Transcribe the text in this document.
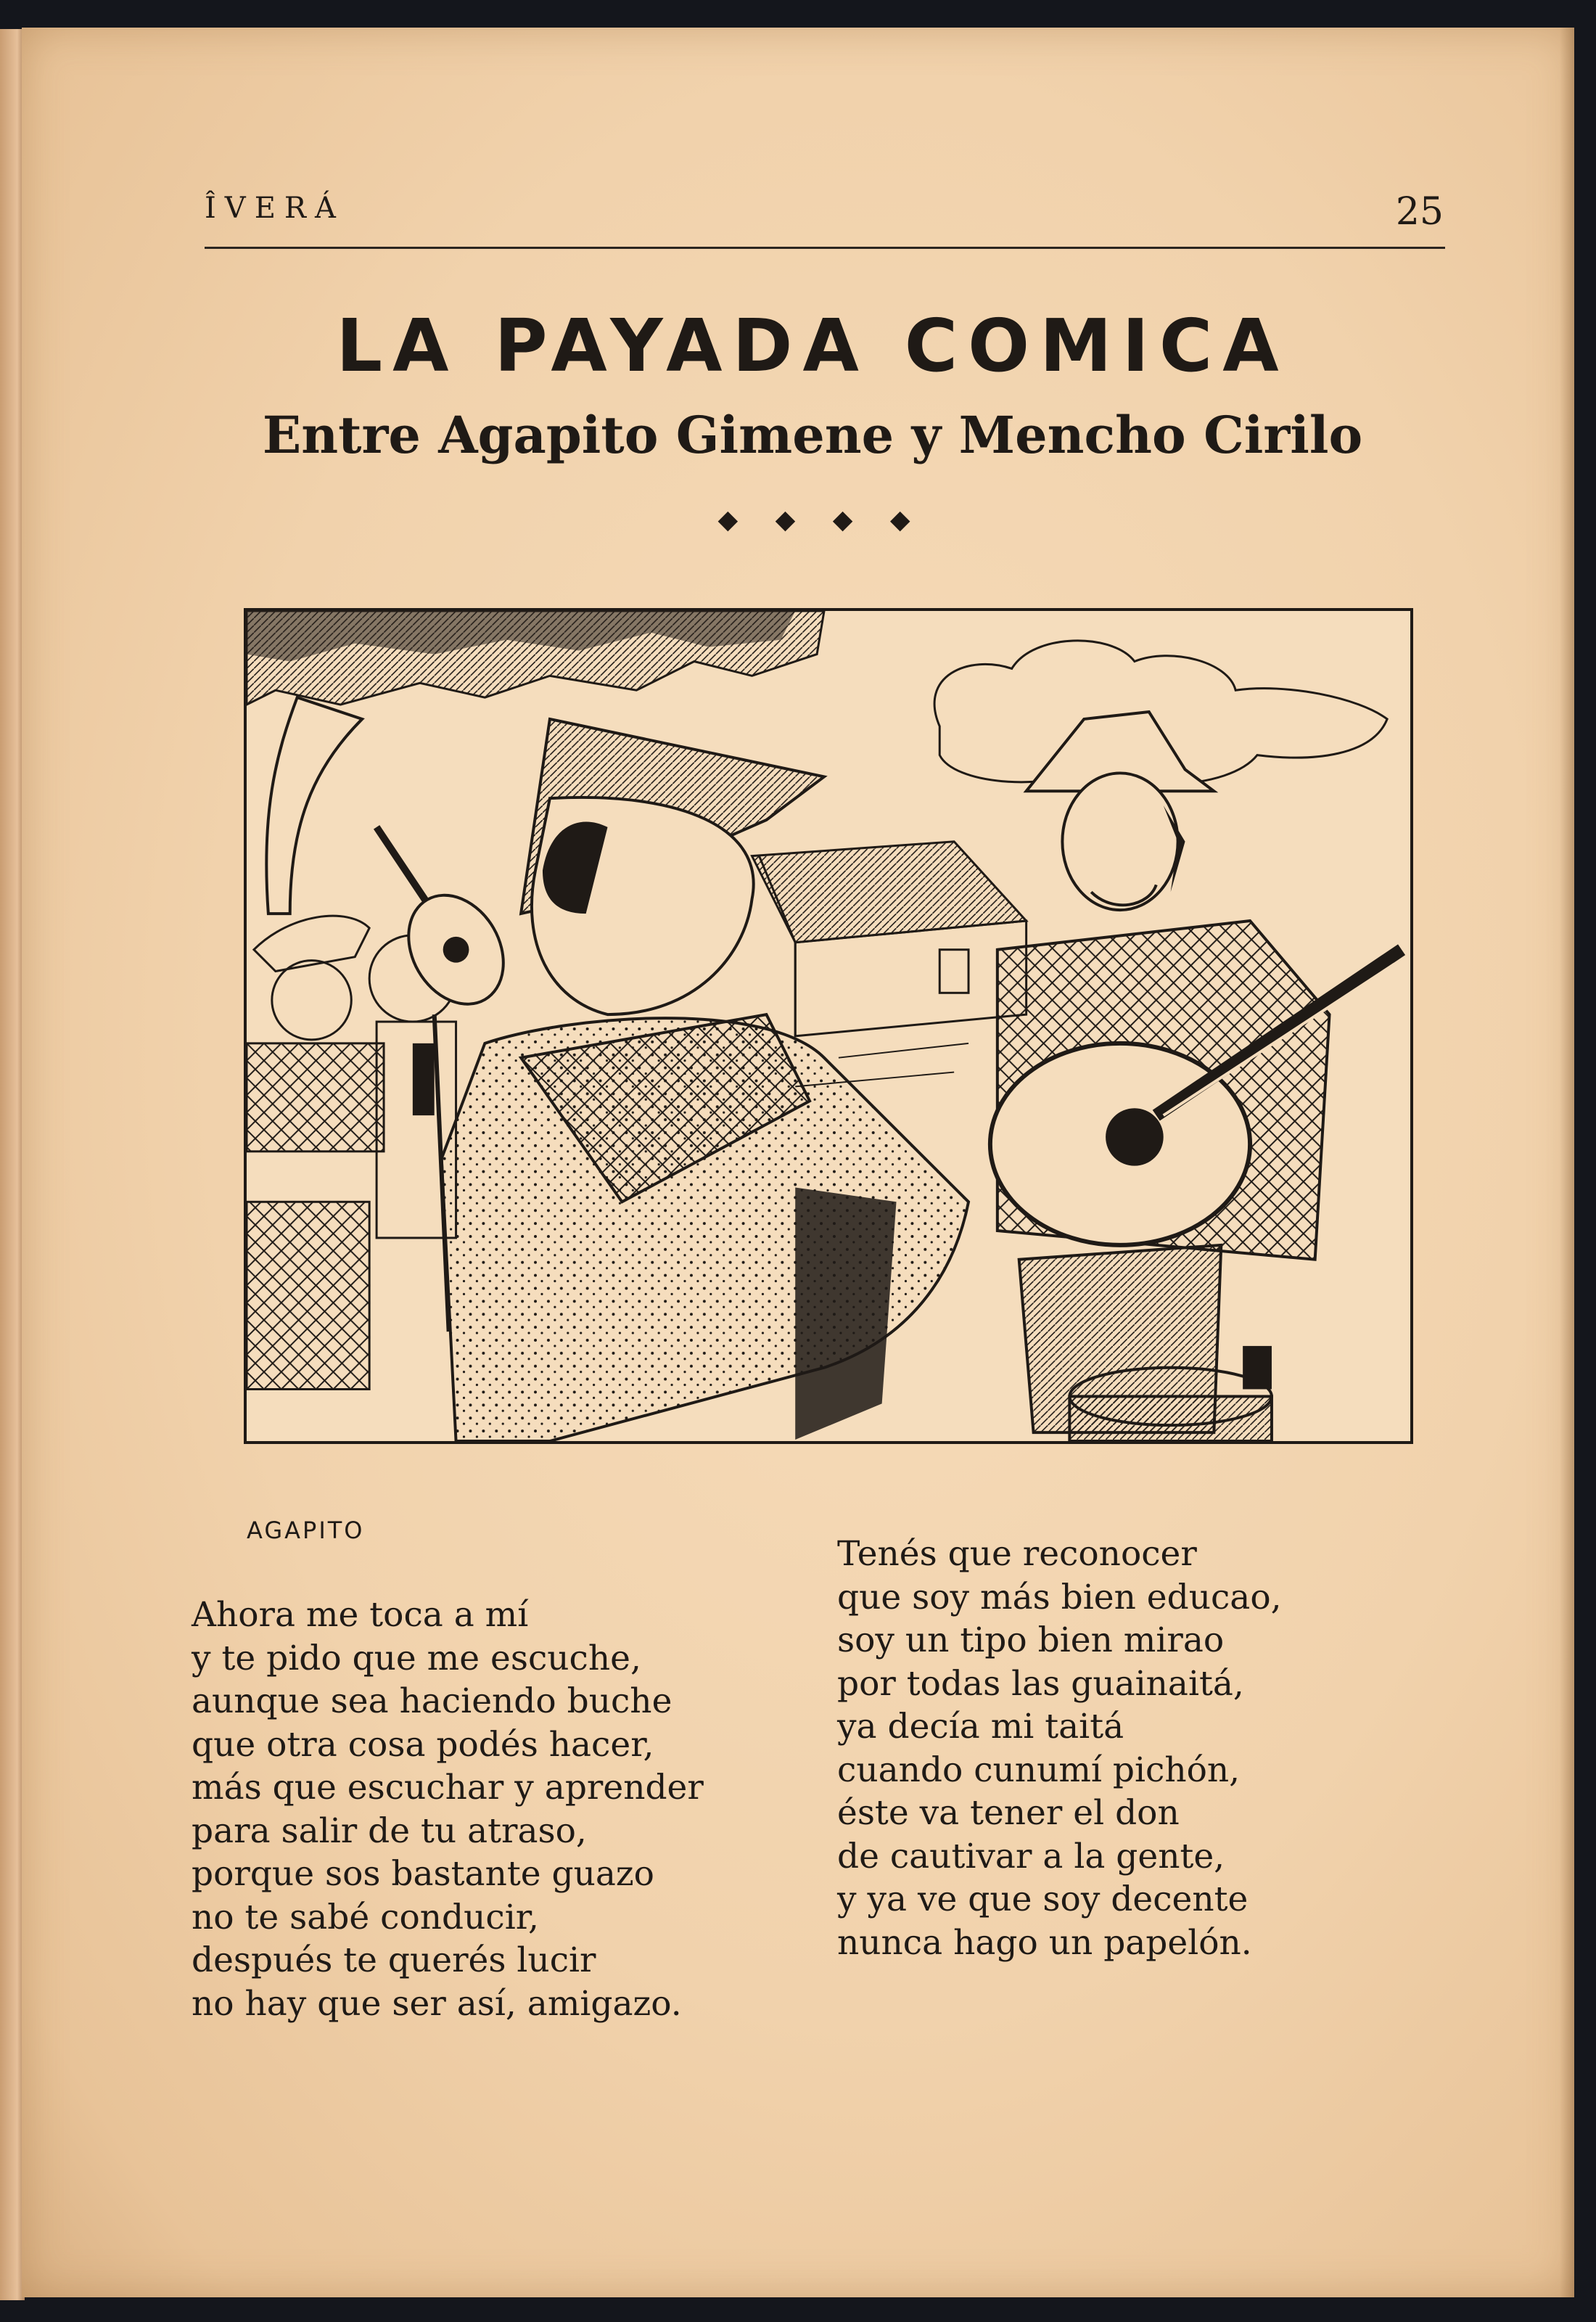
ÎVERÁ	25
LA PAYADA COMICA
Entre Agapito Gimene y Mencho Cirilo
◆ ◆ ◆ ◆
AGAPITO
Ahora me toca a mí
y te pido que me escuche,
aunque sea haciendo buche
que otra cosa podés hacer,
más que escuchar y aprender
para salir de tu atraso,
porque sos bastante guazo
no te sabé conducir,
después te querés lucir
no hay que ser así, amigazo.
Tenés que reconocer
que soy más bien educao,
soy un tipo bien mirao
por todas las guainaitá,
ya decía mi taitá
cuando cunumí pichón,
éste va tener el don
de cautivar a la gente,
y ya ve que soy decente
nunca hago un papelón.
